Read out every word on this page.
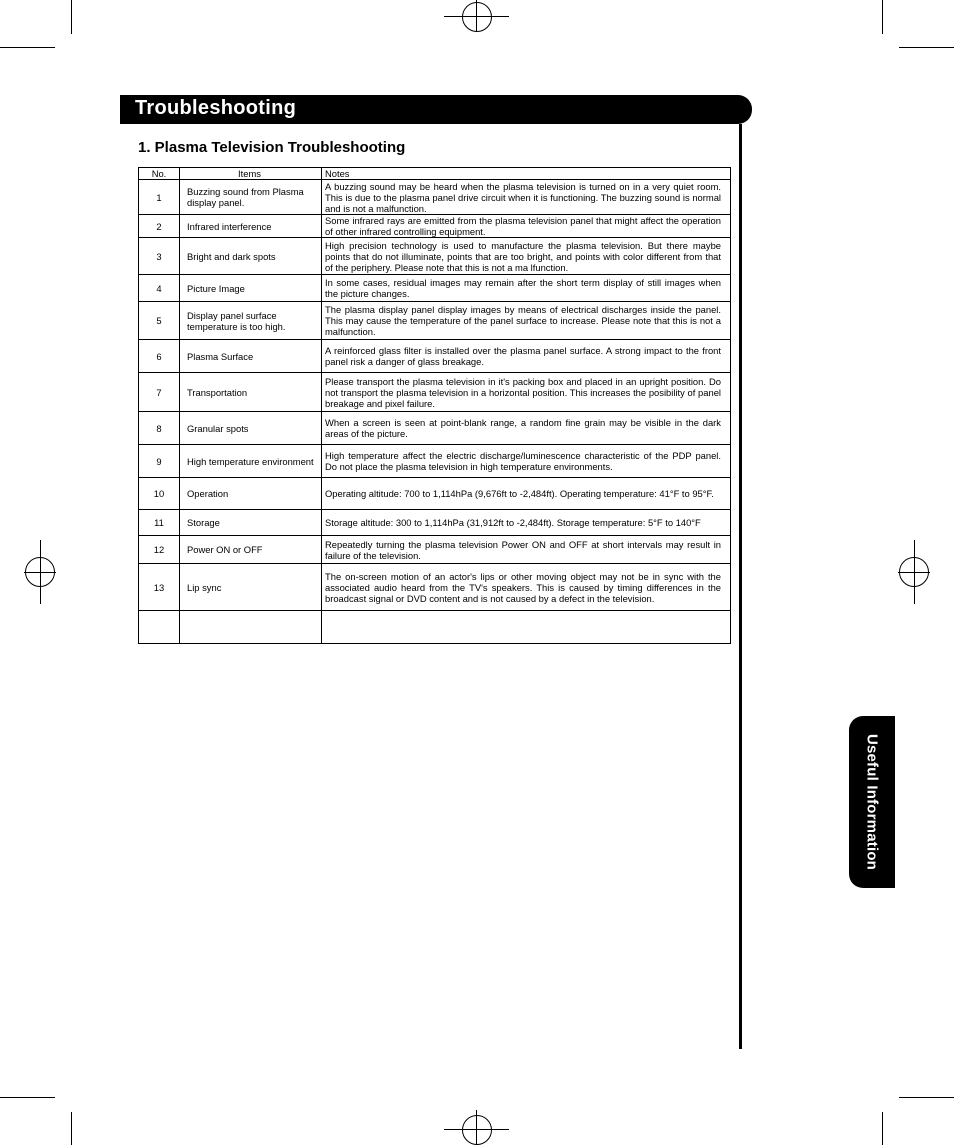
Troubleshooting
Useful Information
1. Plasma Television Troubleshooting
No.	Items	Notes
1	Buzzing sound from Plasma display panel.	A buzzing sound may be heard when the plasma television is turned on in a very quiet room. This is due to the plasma panel drive circuit when it is functioning. The buzzing sound is normal and is not a malfunction.
2	Infrared interference	Some infrared rays are emitted from the plasma television panel that might affect the operation of other infrared controlling equipment.
3	Bright and dark spots	High precision technology is used to manufacture the plasma television. But there maybe points that do not illuminate, points that are too bright, and points with color different from that of the periphery. Please note that this is not a ma lfunction.
4	Picture Image	In some cases, residual images may remain after the short term display of still images when the picture changes.
5	Display panel surface temperature is too high.	The plasma display panel display images by means of electrical discharges inside the panel. This may cause the temperature of the panel surface to increase. Please note that this is not a malfunction.
6	Plasma Surface	A reinforced glass filter is installed over the plasma panel surface. A strong impact to the front panel risk a danger of glass breakage.
7	Transportation	Please transport the plasma television in it's packing box and placed in an upright position. Do not transport the plasma television in a horizontal position. This increases the posibility of panel breakage and pixel failure.
8	Granular spots	When a screen is seen at point-blank range, a random fine grain may be visible in the dark areas of the picture.
9	High temperature environment	High temperature affect the electric discharge/luminescence characteristic of the PDP panel. Do not place the plasma television in high temperature environments.
10	Operation	Operating altitude: 700 to 1,114hPa (9,676ft to -2,484ft). Operating temperature: 41°F to 95°F.
11	Storage	Storage altitude: 300 to 1,114hPa (31,912ft to -2,484ft). Storage temperature: 5°F to 140°F
12	Power ON or OFF	Repeatedly turning the plasma television Power ON and OFF at short intervals may result in failure of the television.
13	Lip sync	The on-screen motion of an actor's lips or other moving object may not be in sync with the associated audio heard from the TV's speakers. This is caused by timing differences in the broadcast signal or DVD content and is not caused by a defect in the television.
